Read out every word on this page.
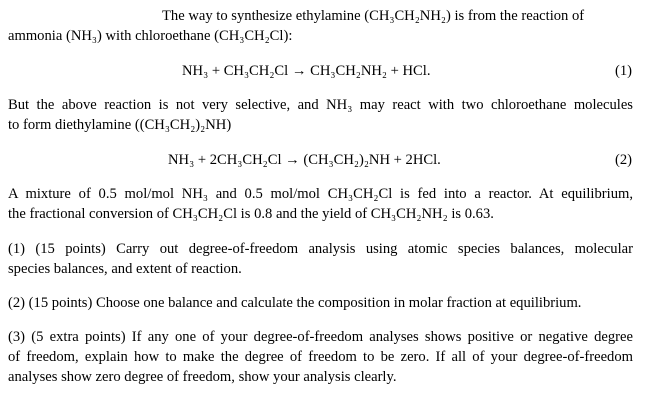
The way to synthesize ethylamine (CH₃CH₂NH₂) is from the reaction of
ammonia (NH₃) with chloroethane (CH₃CH₂Cl):
NH₃ + CH₃CH₂Cl → CH₃CH₂NH₂ + HCl.	(1)
But the above reaction is not very selective, and NH₃ may react with two chloroethane molecules
to form diethylamine ((CH₃CH₂)₂NH)
NH₃ + 2CH₃CH₂Cl → (CH₃CH₂)₂NH + 2HCl.	(2)
A mixture of 0.5 mol/mol NH₃ and 0.5 mol/mol CH₃CH₂Cl is fed into a reactor. At equilibrium,
the fractional conversion of CH₃CH₂Cl is 0.8 and the yield of CH₃CH₂NH₂ is 0.63.
(1) (15 points) Carry out degree-of-freedom analysis using atomic species balances, molecular
species balances, and extent of reaction.
(2) (15 points) Choose one balance and calculate the composition in molar fraction at equilibrium.
(3) (5 extra points) If any one of your degree-of-freedom analyses shows positive or negative degree
of freedom, explain how to make the degree of freedom to be zero. If all of your degree-of-freedom
analyses show zero degree of freedom, show your analysis clearly.
